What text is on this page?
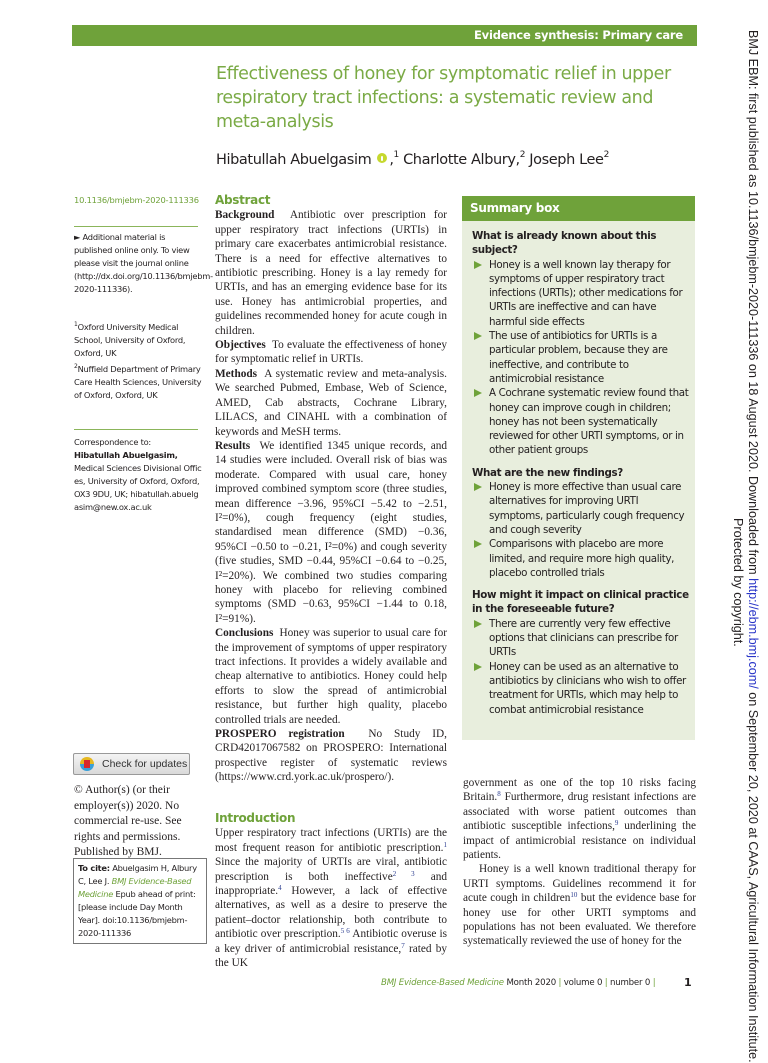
Evidence synthesis: Primary care
Effectiveness of honey for symptomatic relief in upper respiratory tract infections: a systematic review and meta-analysis
Hibatullah Abuelgasim ,$^1$ Charlotte Albury,$^2$ Joseph Lee$^2$
10.1136/bmjebm-2020-111336
► Additional material is published online only. To view please visit the journal online (http://dx.doi.org/10.1136/bmjebm-2020-111336).
$^1$Oxford University Medical School, University of Oxford, Oxford, UK
$^2$Nuffield Department of Primary Care Health Sciences, University of Oxford, Oxford, UK
Correspondence to:
Hibatullah Abuelgasim,
Medical Sciences Divisional Offices, University of Oxford, Oxford, OX3 9DU, UK; hibatullah.abuelgasim@new.ox.ac.uk
Check for updates
© Author(s) (or their employer(s)) 2020. No commercial re-use. See rights and permissions. Published by BMJ.
To cite: Abuelgasim H, Albury C, Lee J. BMJ Evidence-Based Medicine Epub ahead of print: [please include Day Month Year]. doi:10.1136/bmjebm-2020-111336
Abstract

Background Antibiotic over prescription for upper respiratory tract infections (URTIs) in primary care exacerbates antimicrobial resistance. There is a need for effective alternatives to antibiotic prescribing. Honey is a lay remedy for URTIs, and has an emerging evidence base for its use. Honey has antimicrobial properties, and guidelines recommended honey for acute cough in children.

Objectives To evaluate the effectiveness of honey for symptomatic relief in URTIs.

Methods A systematic review and meta-analysis. We searched Pubmed, Embase, Web of Science, AMED, Cab abstracts, Cochrane Library, LILACS, and CINAHL with a combination of keywords and MeSH terms.

Results We identified 1345 unique records, and 14 studies were included. Overall risk of bias was moderate. Compared with usual care, honey improved combined symptom score (three studies, mean difference −3.96, 95%CI −5.42 to −2.51, I²=0%), cough frequency (eight studies, standardised mean difference (SMD) −0.36, 95%CI −0.50 to −0.21, I²=0%) and cough severity (five studies, SMD −0.44, 95%CI −0.64 to −0.25, I²=20%). We combined two studies comparing honey with placebo for relieving combined symptoms (SMD −0.63, 95%CI −1.44 to 0.18, I²=91%).

Conclusions Honey was superior to usual care for the improvement of symptoms of upper respiratory tract infections. It provides a widely available and cheap alternative to antibiotics. Honey could help efforts to slow the spread of antimicrobial resistance, but further high quality, placebo controlled trials are needed.

PROSPERO registration No Study ID, CRD42017067582 on PROSPERO: International prospective register of systematic reviews (https://www.crd.york.ac.uk/prospero/).

Summary box
What is already known about this subject?
Honey is a well known lay therapy for symptoms of upper respiratory tract infections (URTIs); other medications for URTIs are ineffective and can have harmful side effects
The use of antibiotics for URTIs is a particular problem, because they are ineffective, and contribute to antimicrobial resistance
A Cochrane systematic review found that honey can improve cough in children; honey has not been systematically reviewed for other URTI symptoms, or in other patient groups
What are the new findings?
Honey is more effective than usual care alternatives for improving URTI symptoms, particularly cough frequency and cough severity
Comparisons with placebo are more limited, and require more high quality, placebo controlled trials
How might it impact on clinical practice in the foreseeable future?
There are currently very few effective options that clinicians can prescribe for URTIs
Honey can be used as an alternative to antibiotics by clinicians who wish to offer treatment for URTIs, which may help to combat antimicrobial resistance
Introduction

Upper respiratory tract infections (URTIs) are the most frequent reason for antibiotic prescription.$^1$ Since the majority of URTIs are viral, antibiotic prescription is both ineffective$^{2 3}$ and inappropriate.$^4$ However, a lack of effective alternatives, as well as a desire to preserve the patient–doctor relationship, both contribute to antibiotic over prescription.$^{5 6}$ Antibiotic overuse is a key driver of antimicrobial resistance,$^7$ rated by the UK

government as one of the top 10 risks facing Britain.$^8$ Furthermore, drug resistant infections are associated with worse patient outcomes than antibiotic susceptible infections,$^9$ underlining the impact of antimicrobial resistance on individual patients.

Honey is a well known traditional therapy for URTI symptoms. Guidelines recommend it for acute cough in children$^{10}$ but the evidence base for honey use for other URTI symptoms and populations has not been evaluated. We therefore systematically reviewed the use of honey for the

BMJ Evidence-Based Medicine Month 2020 | volume 0 | number 0 |	1
BMJ EBM: first published as 10.1136/bmjebm-2020-111336 on 18 August 2020. Downloaded from http://ebm.bmj.com/ on September 20, 2020 at CAAS, Agricultural Information Institute.
Protected by copyright.
